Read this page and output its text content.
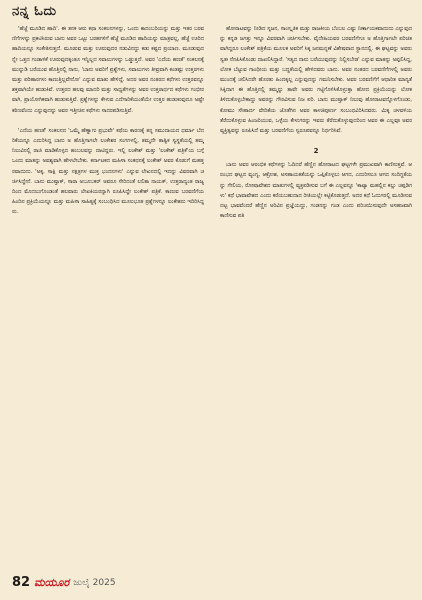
ನನ್ನ ಓದು

'ಹೆಜ್ಜೆ ಮೂಡಿದ ಹಾದಿ'. ಈ ತನಕ ಆರು ಕಥಾ ಸಂಕಲನಗಳನ್ನು, ಒಂದು ಕಾದಂಬರಿಯನ್ನು ಮತ್ತು ಇತರ ಬರವಣಿಗೆಗಳನ್ನು ಪ್ರಕಟಿಸಿರುವ ಬಾನು ಅವರ ಒಟ್ಟು ಬರಹಗಳಿಗೆ ಹೆಜ್ಜೆ ಮೂಡಿದ ಹಾದಿಯನ್ನು ಮಾತ್ರವಲ್ಲ, ಹೆಜ್ಜೆ ಊರಿದ ಹಾದಿಯನ್ನೂ ಸಂಕೇತಿಸುತ್ತದೆ. ಮೂಡುವ ಮತ್ತು ಊರುವುದರ ನಡುವಿನದ್ದು ಕಡು ಕಷ್ಟದ ಪ್ರಯಾಣ. ಮೂಡುವುದನ್ನೇ ಒತ್ತದ ಗಂಡಾಳಿಕೆ ಊರುವುದಕ್ಕಂತೂ ಇನ್ನಿಲ್ಲದ ಸವಾಲುಗಳನ್ನು ಒಡ್ಡುತ್ತದೆ. ಅವರ 'ಎದೆಯ ಹಣತೆ' ಸಂಕಲನಕ್ಕೆ ಮುನ್ನುಡಿ ಬರೆಯುವ ಹೊತ್ತಿನಲ್ಲಿ ನಾನು, 'ಬಾನು ಅವರಿಗೆ ಪ್ರಶ್ನೆಗಳು, ಸವಾಲುಗಳು ತೀವ್ರವಾಗಿ ಕಂಡಷ್ಟು ಉತ್ತರಗಳು ಮತ್ತು ಪರಿಹಾರಗಳು ಕಾಣುತ್ತಿಲ್ಲವೇನೋ' ಎನ್ನುವ ಮಾತು ಹೇಳಿದ್ದೆ. ಅದರ ಅವರ ನಂತರದ ಕಥೆಗಳು ಉತ್ತರವನ್ನೂ ಶಕ್ತವಾಗಿಯೇ ಹುಡುಕಿವೆ. ಉತ್ತರದ ಹಲವು ಮಾದರಿ ಮತ್ತು ಸಾಧ್ಯತೆಗಳನ್ನು ಅವರ ಉತ್ತರಾರ್ಧದ ಕಥೆಗಳು ಗಂಭೀರವಾಗಿ, ಪ್ರಾಯೋಗಿಕವಾಗಿ ಹುಡುಕುತ್ತಿವೆ. ಪ್ರಶ್ನೆಗಳನ್ನು ಕೇಳುವ ಎದೆಗಾರಿಕೆಯಂತೆಯೇ ಉತ್ತರ ಹುಡುಕುವುದೂ ಅಷ್ಟೇ ಕಠಿಣವೆಂದು ಎನ್ನುವುದನ್ನು ಅವರ ಇತ್ತೀಚಿನ ಕಥೆಗಳು ಸಾದರಪಡಿಸುತ್ತಿವೆ.

'ಎದೆಯ ಹಣತೆ' ಸಂಕಲನದ 'ಒಮ್ಮೆ ಹೆಣ್ಣಾಗು ಪ್ರಭುವೇ' ಕಥೆಯ ಕಾರಣಕ್ಕೆ ತನ್ನ ಸಮುದಾಯದ ಧರ್ಮಾ ಬೆದರಿಕೆಯನ್ನೂ ಎದುರಿಸಿದ್ದ ಬಾನು ಅ ಹೊತ್ತಿಗಾಗಲೇ ಲಂಕೇಶರ ಸಂಗಗಳಲ್ಲಿ, ತಮ್ಮದೇ ತಾತ್ವಿಕ ಸ್ವಸ್ಥತೆಯಲ್ಲಿ ತಮ್ಮ ನಿಲುವಿನಲ್ಲಿ ರಾಜಿ ಮಾಡಿಕೊಳ್ಳದ ಹಂಬಲವನ್ನು ದಾಟಿದ್ದರು. ಇಲ್ಲಿ ಲಂಕೇಶ್ ಮತ್ತು 'ಲಂಕೇಶ್ ಪತ್ರಿಕೆ'ಯ ಬಗ್ಗೆ ಒಂದು ಮಾತನ್ನು ಅವಶ್ಯವಾಗಿ ಹೇಳಲೇಬೇಕು. ಕರ್ನಾಟಕದ ಮಹಿಳಾ ಸಂಕಥನಕ್ಕೆ ಲಂಕೇಶ್ ಅವರ ಕೊಡುಗೆ ಮಹತ್ತರವಾದುದು. 'ಅಕ್ಕ, ಸಾಕ್ಷಿ ಮತ್ತು ನಕ್ಷತ್ರಗಳ ಮುಕ್ತ ಭಂದನಗಳು' ಎನ್ನುವ ಲೇಖನದಲ್ಲಿ ಇದನ್ನು ವಿವರವಾಗಿ ಚರ್ಚಿಸಿದ್ದೇನೆ. ಬಾನು ಮುಷ್ತಾಕ್, ಸಾರಾ ಅಬೂಬಕರ್ ಅವರೂ ಸೇರಿದಂತೆ ಲಲಿತಾ ನಾಯಕ್, ಉತ್ತರಾದ್ಯಂತ ರಾಜ್ಯದಿಂದ ಮೊದಲುಗೊಂಡಂತೆ ಹಲವಾರು ಲೇಖಕಿಯರನ್ನಾಗಿ ರೂಪಿಸಿದ್ದೇ ಲಂಕೇಶ್ ಪತ್ರಿಕೆ. ಕಾಣುವ ಬರವಣಿಗೆಯ ಹಿಂದಿನ ಪ್ರಕ್ರಿಯೆಯನ್ನೂ ಮತ್ತು ಮಹಿಳಾ ಸಾಹಿತ್ಯಕ್ಕೆ ಸಂಬಂಧಿಸಿದ ಮೂಲಭೂತ ಪ್ರಶ್ನೆಗಳನ್ನೂ ಲಂಕೇಶರು ಇದಿರಿಸಿದ್ದರು.

ಹೋರಾಟವನ್ನು ನೀಡಿದ ಸೃಜನ, ಸಾಂಸ್ಕೃತಿಕ ಮತ್ತು ರಾಜಕೀಯ ಬೆಂಬಲ ಎಷ್ಟು ನಿರ್ಣಾಯಕವಾದುದು ಎನ್ನುವುದನ್ನು ಕನ್ನಡ ಜಗತ್ತು ಇನ್ನೂ ವಿವರವಾಗಿ ಚರ್ಚಿಸಬೇಕು. ವೈದೇಹಿಯವರ ಬರವಣಿಗೆಗೂ ಅ ಹೊತ್ತಿಗಾಗಲೇ ಪರಿಚಿತವಾಗಿದ್ದರೂ ಲಂಕೇಶ್ ಪತ್ರಿಕೆಯ ಮೂಲಕ ಅವರಿಗೆ ಸಿಕ್ಕ ಜನಮನ್ನಣೆ ವಿಶೇಷವಾದ ಸ್ಥಾನದಲ್ಲಿ. ಈ ಘಟ್ಟವನ್ನು ಅವರು ಸ್ವತಃ ನೆನಪಿಸಿಕೊಂಡು ದಾಖಲಿಸಿದ್ದಾರೆ. 'ಸತ್ಯದ ನಾನು ಬರೆಯುವುದನ್ನು ನಿಲ್ಲಿಸಬೇಡ' ಎನ್ನುವ ಮಾತನ್ನು ಅಪ್ಪಲಿಸಿದ್ದ, ಲೋಕ ಬೆಟ್ಟುವ ಗಾಂಧೀಯ ಮತ್ತು ಬದ್ಧತೆಯಲ್ಲಿ ಹೇಳಿದವರು ಬಾನು. ಅವರ ನಂತರದ ಬರವಣಿಗೆಗಳಲ್ಲಿ ಅವರು ಮುಂದಕ್ಕೆ ಚಲಿಸಿದರೇ ಹೊರತು ಹಿಂದಕ್ಕಲ್ಲ ಎನ್ನುವುದನ್ನು ಗಮನಿಸಬೇಕು. ಅವರ ಬರವಣಿಗೆಗೆ ಆಧಾರಿತ ಮಾನ್ಯತೆ ಸಿಕ್ಕಿದಾಗ ಈ ಹೊತ್ತಿನಲ್ಲಿ ತಮ್ಮನ್ನು ತಾವೇ ಅವರು ಗಟ್ಟಿಗೊಳಿಸಿಕೊಳ್ಳುತ್ತಾ ಹೋದ ಪ್ರಕ್ರಿಯೆಯನ್ನು ಲೋಕ ತಿಳಿದುಕೊಳ್ಳಬೇಕಾದ್ದು ಅವರನ್ನು ಗೌರವಿಸುವ ನಿಜ ಪರಿ. ಬಾನು ಮುಷ್ತಾಕ್ ನಿಲುವು ಹೋರಾಟವನ್ನೊಳಗೊಂಡು, ಕೋಮು ಸೌಹಾರ್ದ ವೇದಿಕೆಯ ಜೊತೆಗಿನ ಅವರ ಕಾಳಜಿಪೂರ್ಣ ಸಂಬಂಧವಿರಿಸಿದವರು. ಮಿಕ್ಕ ಚಳವಳಿಯ ತೆರೆದುಕೊಳ್ಳುವ ಹಿಂಜರಿಯುವ, ಒಳ್ಳೆಯ ಕೇಳುಗರನ್ನು ಇವರು ತೆರೆದುಕೊಳ್ಳುವುದರಿಂದ ಅವರ ಈ ಎಲ್ಲವೂ ಅವರ ವ್ಯಕ್ತಿತ್ವವನ್ನು ರೂಪಿಸಿದೆ ಮತ್ತು ಬರವಣಿಗೆಯ ಸ್ವರೂಪವನ್ನೂ ನಿರ್ಧರಿಸಿವೆ.

2

ಬಾನು ಅವರ ಆರಂಭಿಕ ಕಥೆಗಳನ್ನು ಓದಿದರೆ ಹೆಣ್ಣಿನ ಹೋರಾಟದ ಘಟ್ಟಗಳೇ ಪ್ರಮುಖವಾಗಿ ಕಾಣಿಸುತ್ತವೆ. ಆರಂಭದ ಘಟ್ಟದ ವ್ಯಂಗ್ಯ, ಆಕ್ರೋಶ, ಅಸಹಾಯಕತೆಯನ್ನು ಒಪ್ಪಿಕೊಳ್ಳಲು ಆಗದ, ಎದುರಿಸಲೂ ಆಗದ ಸಂದಿಗ್ಧತೆಯನ್ನು ಗೇಲಿಯ, ರೋಷಾವೇಶದ ಮಾತುಗಳಲ್ಲಿ ವ್ಯಕ್ತಪಡಿಸುವ ಬಗೆ ಈ ಎಲ್ಲವನ್ನೂ 'ಕಾಟ್ಯಾ ಮಹಲ್ಲಿನ ಕಲ್ಲು ಚಪ್ಪಡಿಗಳು' ಕಥೆ ಭಾವಾವೇಶದ ಎಂದು ಕರೆಯಬಹುದಾದ ರೀತಿಯಲ್ಲೇ ಕಟ್ಟಿಕೊಡುತ್ತದೆ. ಅದರ ಕಥೆ ಓದುಗರಲ್ಲಿ ಮೂಡಿಸುವ ದಟ್ಟ ಭಾವವೆಂದರೆ ಹೆಣ್ಣಿನ ಅರಿವಿನ ಪ್ರಜ್ಞೆಯದ್ದು, ಗಂಡನನ್ನು ಗಂಡ ಎಂದು ಪರಿಚಯಿಸುವುದೇ ಅಸಹಜವಾಗಿ ಕಾಣಿಸುವ ಪತಿ

82 ಮಯೂರ ಜುಲೈ 2025
